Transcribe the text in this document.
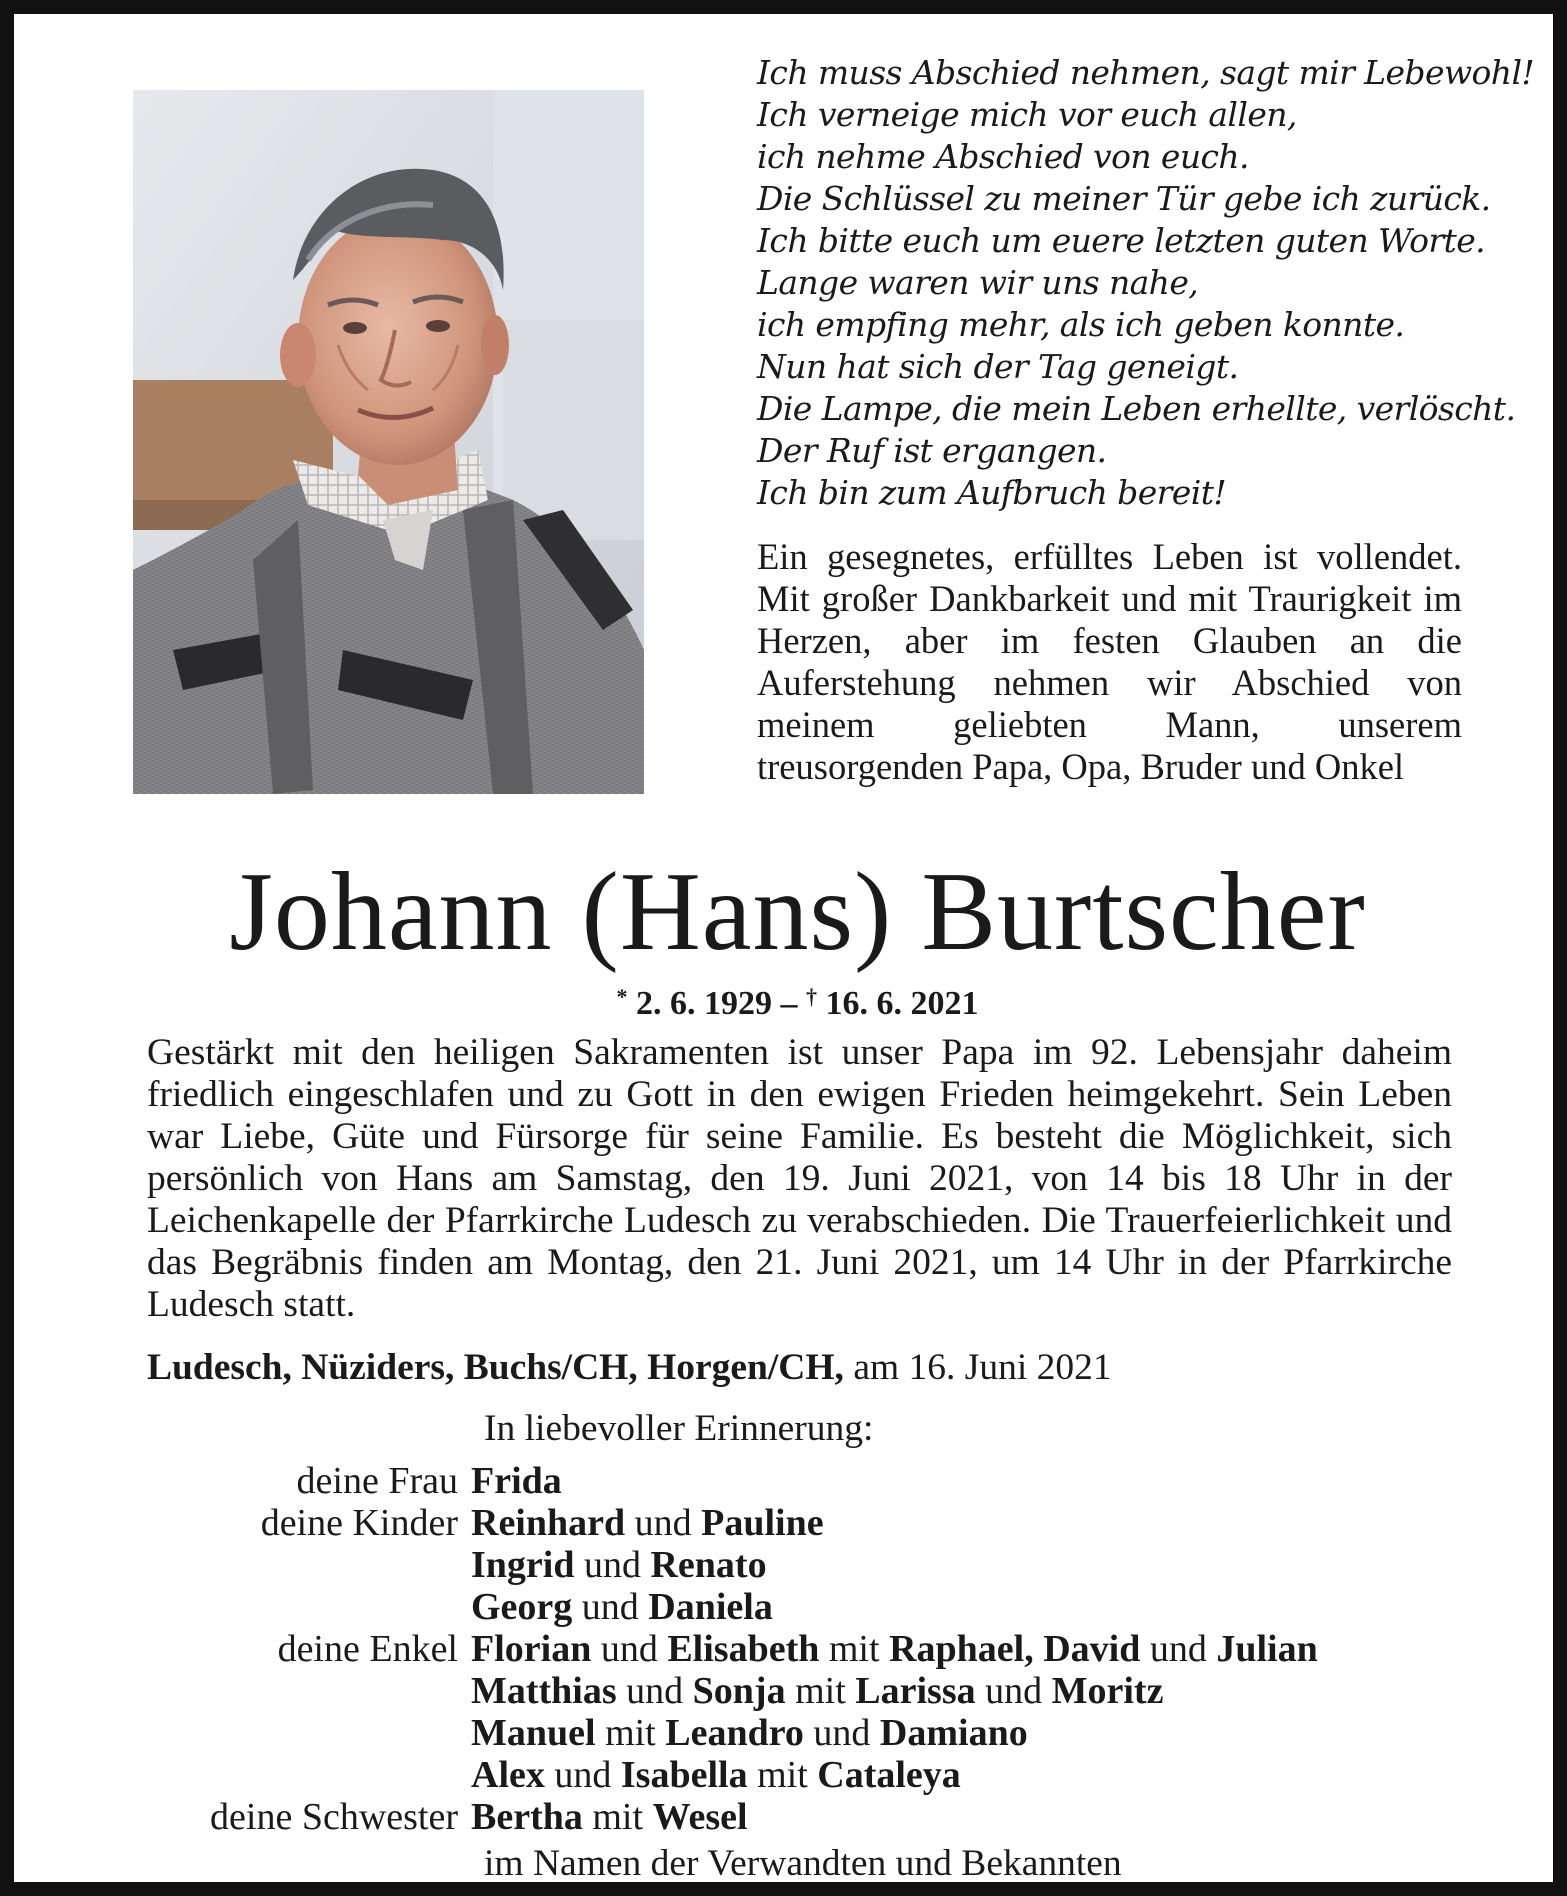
Ich muss Abschied nehmen, sagt mir Lebewohl!
Ich verneige mich vor euch allen,
ich nehme Abschied von euch.
Die Schlüssel zu meiner Tür gebe ich zurück.
Ich bitte euch um euere letzten guten Worte.
Lange waren wir uns nahe,
ich empfing mehr, als ich geben konnte.
Nun hat sich der Tag geneigt.
Die Lampe, die mein Leben erhellte, verlöscht.
Der Ruf ist ergangen.
Ich bin zum Aufbruch bereit!
Ein gesegnetes, erfülltes Leben ist vollendet. Mit großer Dankbarkeit und mit Traurigkeit im Herzen, aber im festen Glauben an die Auferstehung nehmen wir Abschied von meinem geliebten Mann, unserem treusorgenden Papa, Opa, Bruder und Onkel
Johann (Hans) Burtscher
* 2. 6. 1929 – † 16. 6. 2021
Gestärkt mit den heiligen Sakramenten ist unser Papa im 92. Lebensjahr daheim friedlich eingeschlafen und zu Gott in den ewigen Frieden heimgekehrt. Sein Leben war Liebe, Güte und Fürsorge für seine Familie. Es besteht die Möglichkeit, sich persönlich von Hans am Samstag, den 19. Juni 2021, von 14 bis 18 Uhr in der Leichenkapelle der Pfarrkirche Ludesch zu verabschieden. Die Trauerfeierlichkeit und das Begräbnis finden am Montag, den 21. Juni 2021, um 14 Uhr in der Pfarrkirche Ludesch statt.
Ludesch, Nüziders, Buchs/CH, Horgen/CH, am 16. Juni 2021
In liebevoller Erinnerung:
deine Frau Frida
deine Kinder Reinhard und Pauline
Ingrid und Renato
Georg und Daniela
deine Enkel Florian und Elisabeth mit Raphael, David und Julian
Matthias und Sonja mit Larissa und Moritz
Manuel mit Leandro und Damiano
Alex und Isabella mit Cataleya
deine Schwester Bertha mit Wesel
im Namen der Verwandten und Bekannten
